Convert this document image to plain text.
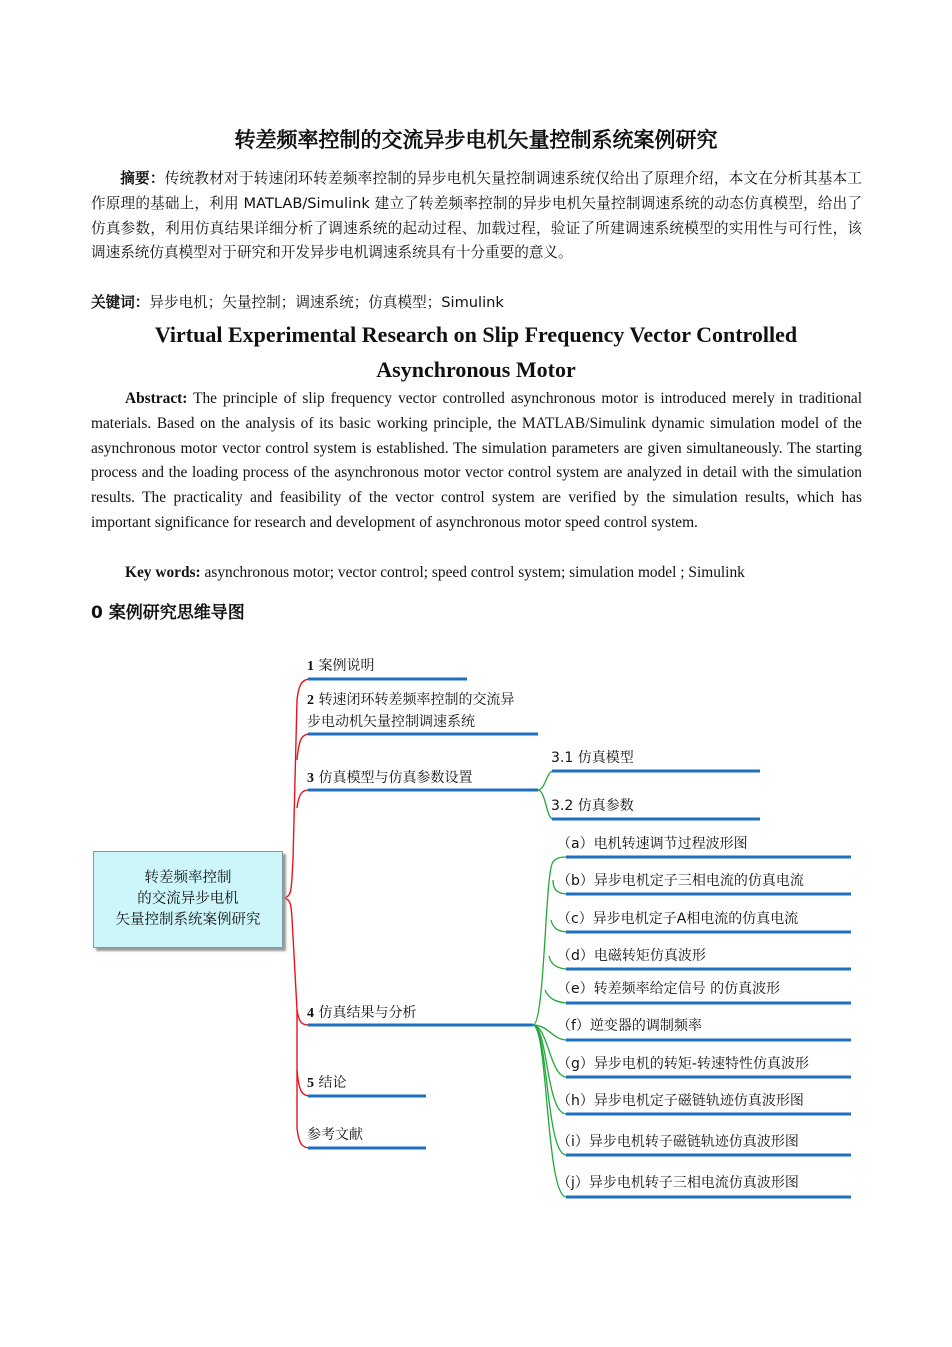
转差频率控制的交流异步电机矢量控制系统案例研究
摘要：传统教材对于转速闭环转差频率控制的异步电机矢量控制调速系统仅给出了原理介绍，本文在分析其基本工作原理的基础上，利用 MATLAB/Simulink 建立了转差频率控制的异步电机矢量控制调速系统的动态仿真模型，给出了仿真参数，利用仿真结果详细分析了调速系统的起动过程、加载过程，验证了所建调速系统模型的实用性与可行性，该调速系统仿真模型对于研究和开发异步电机调速系统具有十分重要的意义。
关键词：异步电机；矢量控制；调速系统；仿真模型；Simulink
Virtual Experimental Research on Slip Frequency Vector Controlled
Asynchronous Motor
Abstract: The principle of slip frequency vector controlled asynchronous motor is introduced merely in traditional materials. Based on the analysis of its basic working principle, the MATLAB/Simulink dynamic simulation model of the asynchronous motor vector control system is established. The simulation parameters are given simultaneously. The starting process and the loading process of the asynchronous motor vector control system are analyzed in detail with the simulation results. The practicality and feasibility of the vector control system are verified by the simulation results, which has important significance for research and development of asynchronous motor speed control system.
Key words: asynchronous motor; vector control; speed control system; simulation model ; Simulink
0 案例研究思维导图
转差频率控制
的交流异步电机
矢量控制系统案例研究
1 案例说明
2 转速闭环转差频率控制的交流异
步电动机矢量控制调速系统
3 仿真模型与仿真参数设置
4 仿真结果与分析
5 结论
参考文献
3.1 仿真模型
3.2 仿真参数
（a）电机转速调节过程波形图
（b）异步电机定子三相电流的仿真电流
（c）异步电机定子A相电流的仿真电流
（d）电磁转矩仿真波形
（e）转差频率给定信号 的仿真波形
（f）逆变器的调制频率
（g）异步电机的转矩-转速特性仿真波形
（h）异步电机定子磁链轨迹仿真波形图
（i）异步电机转子磁链轨迹仿真波形图
（j）异步电机转子三相电流仿真波形图
